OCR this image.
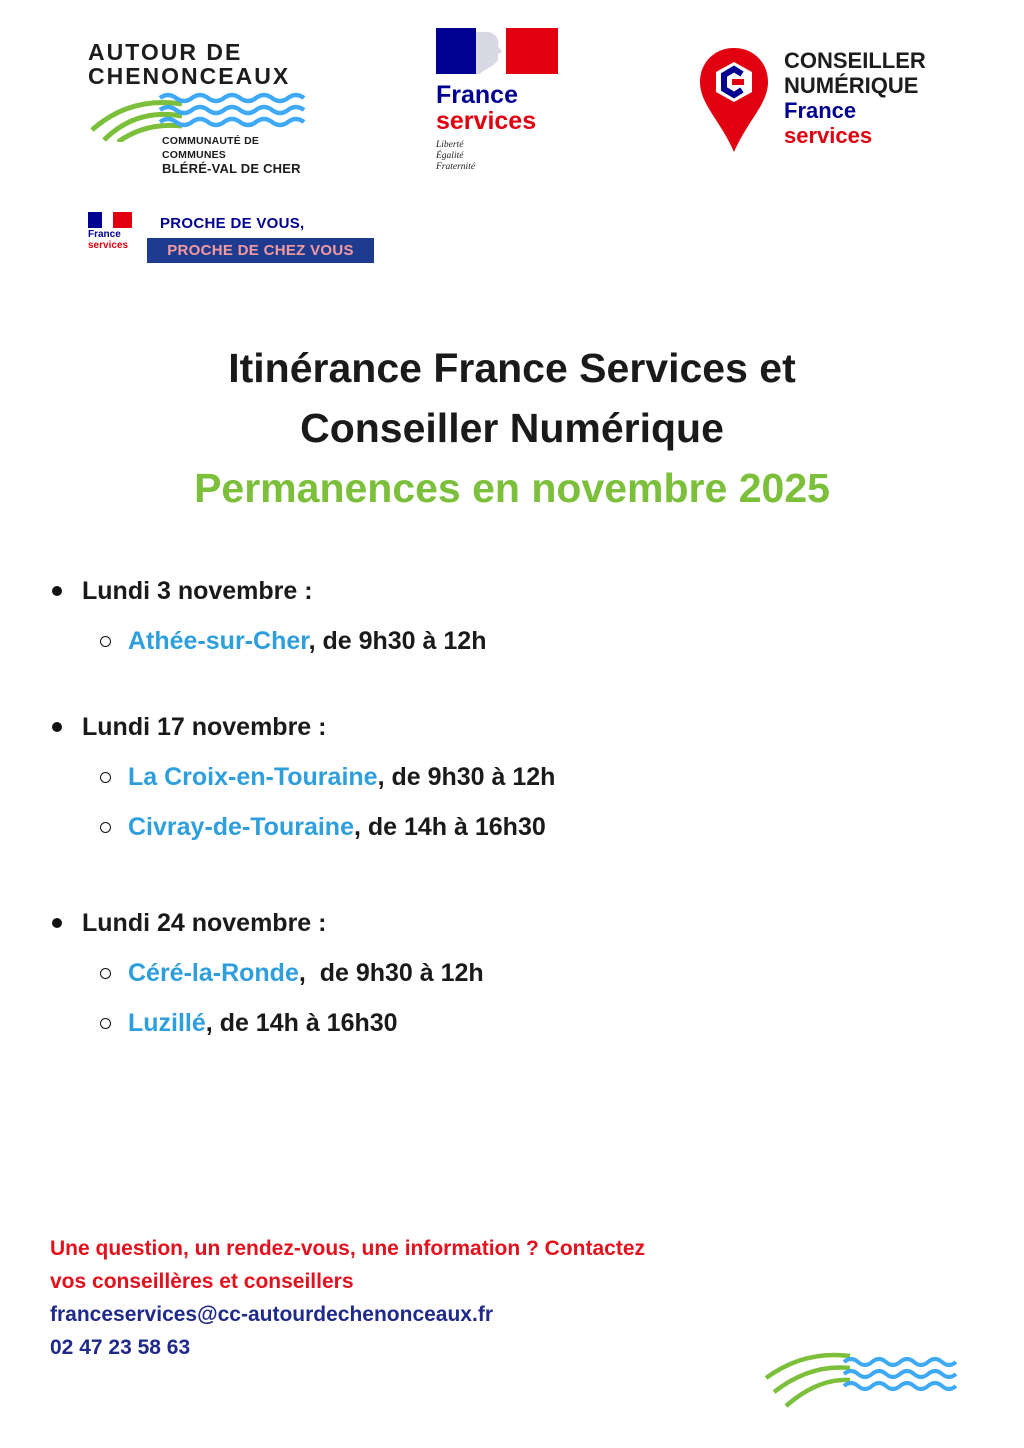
AUTOUR DE
CHENONCEAUX
COMMUNAUTÉ DE COMMUNES
BLÉRÉ-VAL DE CHER
France
services
Liberté
Égalité
Fraternité
CONSEILLER
NUMÉRIQUE
France
services
France
services
PROCHE DE VOUS,
PROCHE DE CHEZ VOUS
Itinérance France Services et
Conseiller Numérique
Permanences en novembre 2025
Lundi 3 novembre :
Athée-sur-Cher, de 9h30 à 12h
Lundi 17 novembre :
La Croix-en-Touraine, de 9h30 à 12h
Civray-de-Touraine, de 14h à 16h30
Lundi 24 novembre :
Céré-la-Ronde,  de 9h30 à 12h
Luzillé, de 14h à 16h30
Une question, un rendez-vous, une information ? Contactez
vos conseillères et conseillers
franceservices@cc-autourdechenonceaux.fr
02 47 23 58 63
